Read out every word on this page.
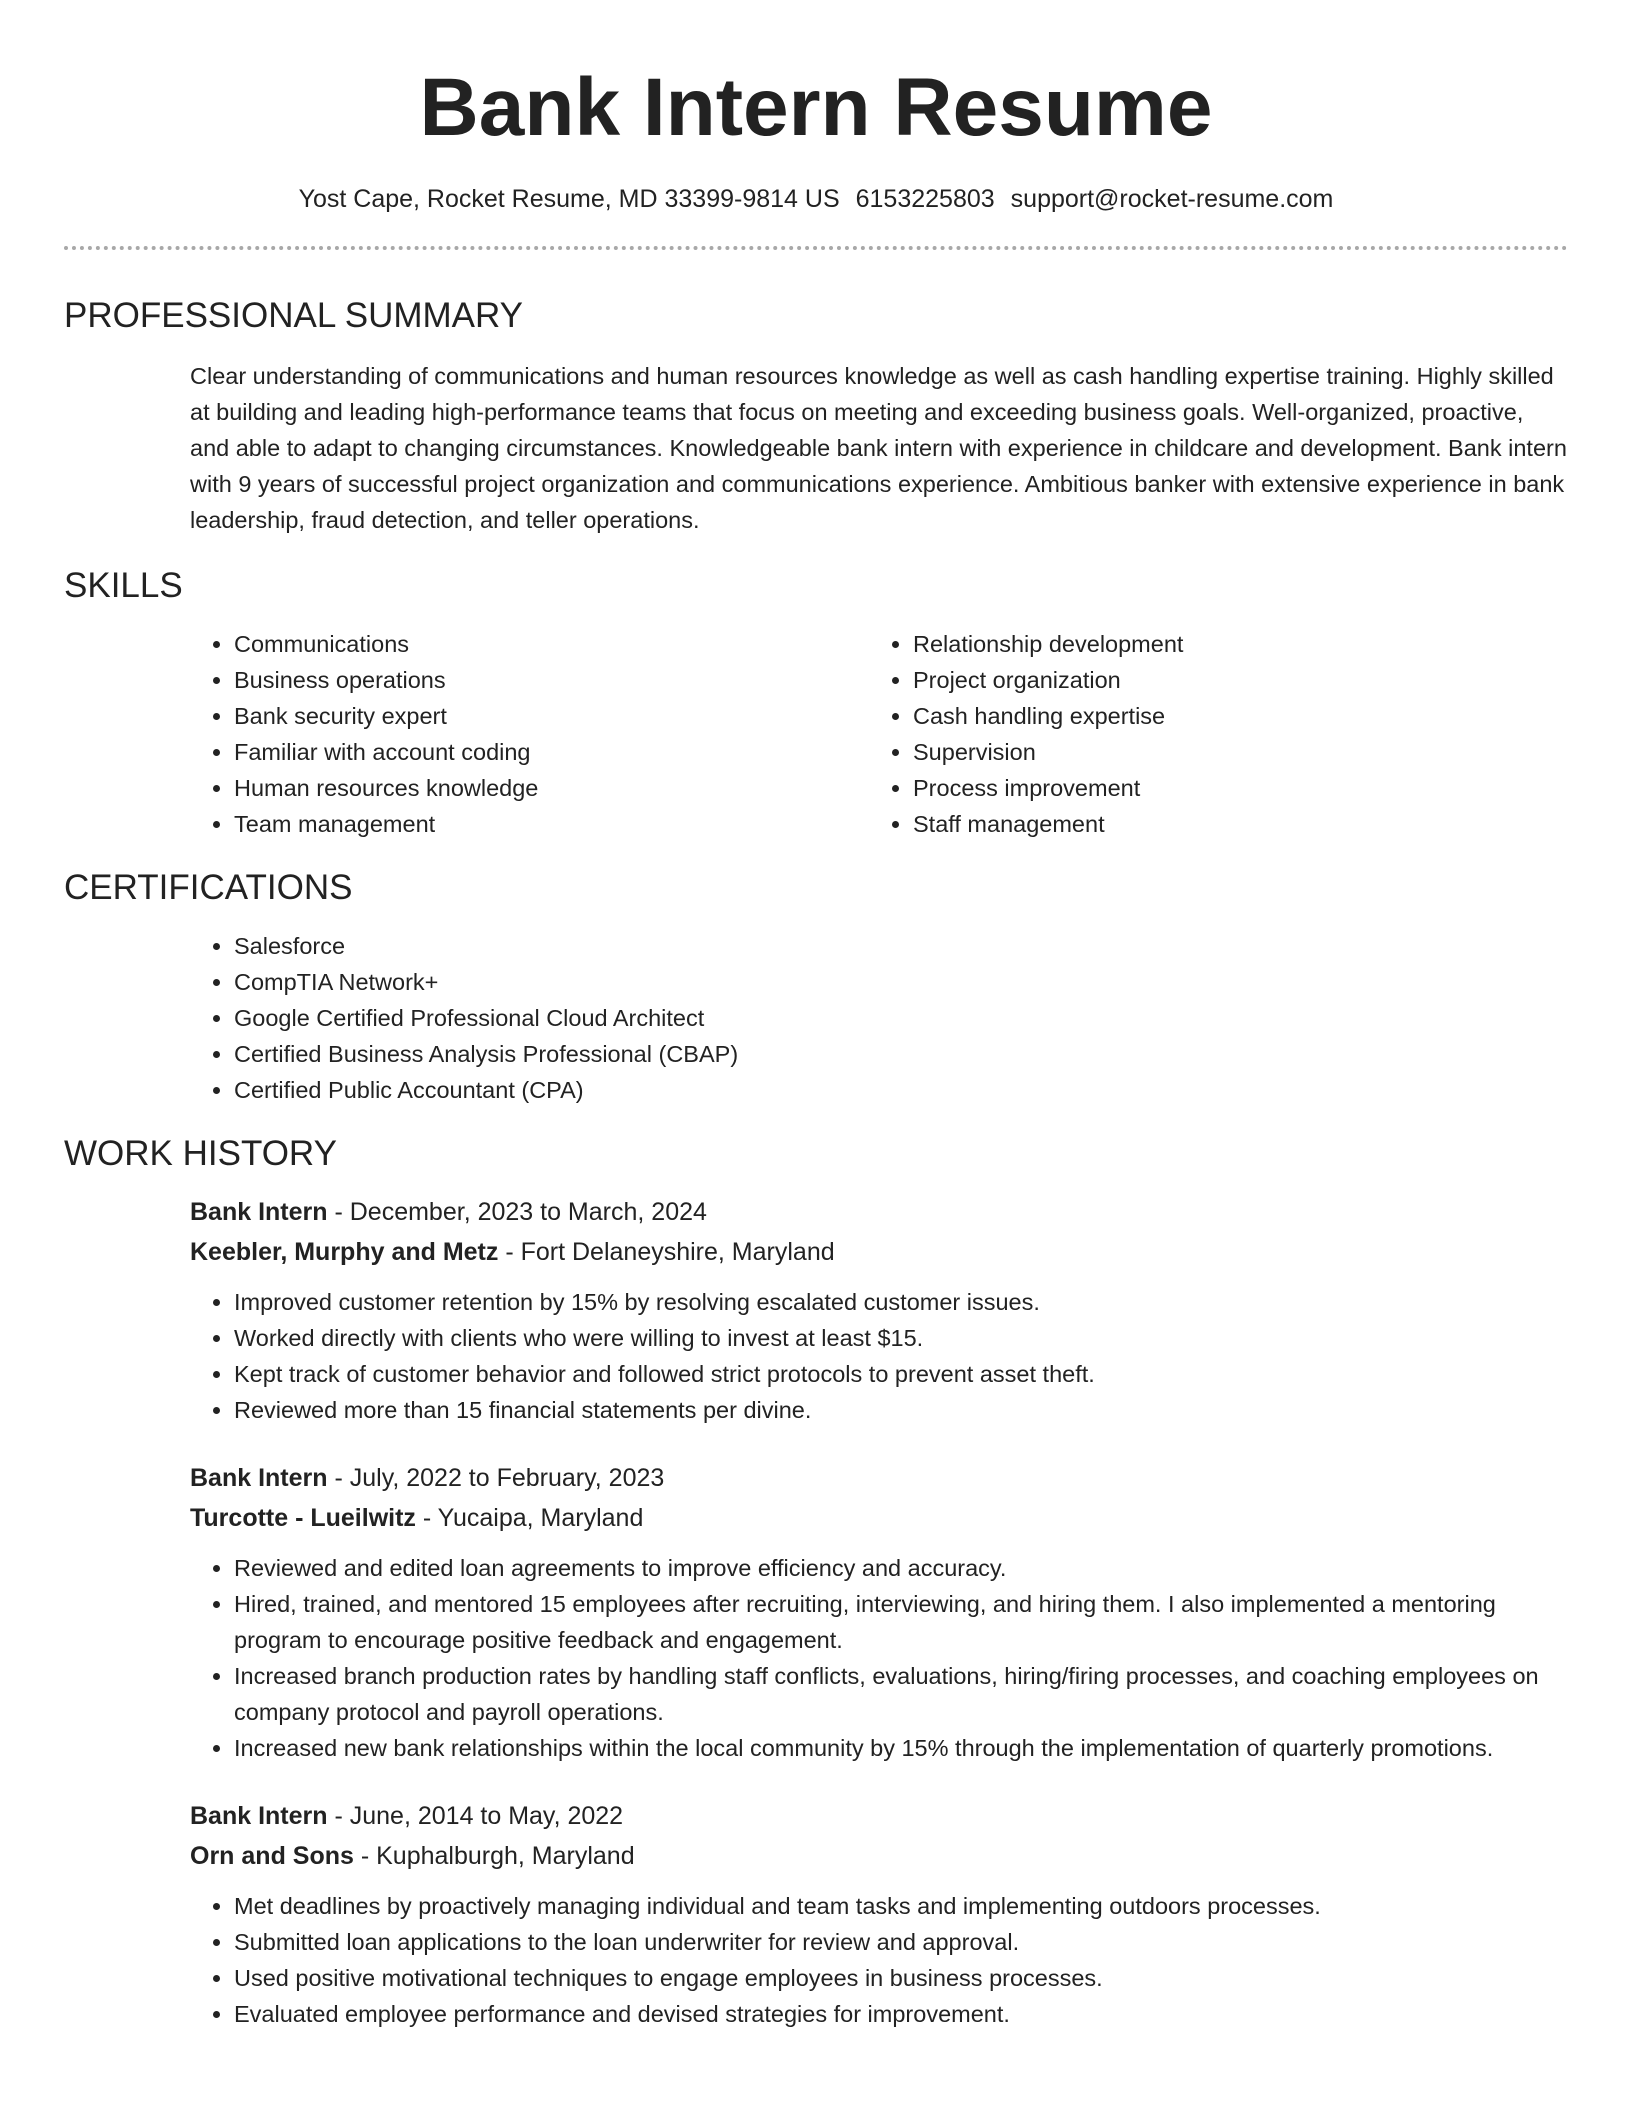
Bank Intern Resume
Yost Cape, Rocket Resume, MD 33399-9814 US 6153225803 support@rocket-resume.com
PROFESSIONAL SUMMARY

Clear understanding of communications and human resources knowledge as well as cash handling expertise training. Highly skilled at building and leading high-performance teams that focus on meeting and exceeding business goals. Well-organized, proactive, and able to adapt to changing circumstances. Knowledgeable bank intern with experience in childcare and development. Bank intern with 9 years of successful project organization and communications experience. Ambitious banker with extensive experience in bank leadership, fraud detection, and teller operations.

SKILLS
• Communications
• Business operations
• Bank security expert
• Familiar with account coding
• Human resources knowledge
• Team management
• Relationship development
• Project organization
• Cash handling expertise
• Supervision
• Process improvement
• Staff management
CERTIFICATIONS
• Salesforce
• CompTIA Network+
• Google Certified Professional Cloud Architect
• Certified Business Analysis Professional (CBAP)
• Certified Public Accountant (CPA)
WORK HISTORY
Bank Intern - December, 2023 to March, 2024
Keebler, Murphy and Metz - Fort Delaneyshire, Maryland
• Improved customer retention by 15% by resolving escalated customer issues.
• Worked directly with clients who were willing to invest at least $15.
• Kept track of customer behavior and followed strict protocols to prevent asset theft.
• Reviewed more than 15 financial statements per divine.
Bank Intern - July, 2022 to February, 2023
Turcotte - Lueilwitz - Yucaipa, Maryland
• Reviewed and edited loan agreements to improve efficiency and accuracy.
• Hired, trained, and mentored 15 employees after recruiting, interviewing, and hiring them. I also implemented a mentoring program to encourage positive feedback and engagement.
• Increased branch production rates by handling staff conflicts, evaluations, hiring/firing processes, and coaching employees on company protocol and payroll operations.
• Increased new bank relationships within the local community by 15% through the implementation of quarterly promotions.
Bank Intern - June, 2014 to May, 2022
Orn and Sons - Kuphalburgh, Maryland
• Met deadlines by proactively managing individual and team tasks and implementing outdoors processes.
• Submitted loan applications to the loan underwriter for review and approval.
• Used positive motivational techniques to engage employees in business processes.
• Evaluated employee performance and devised strategies for improvement.
